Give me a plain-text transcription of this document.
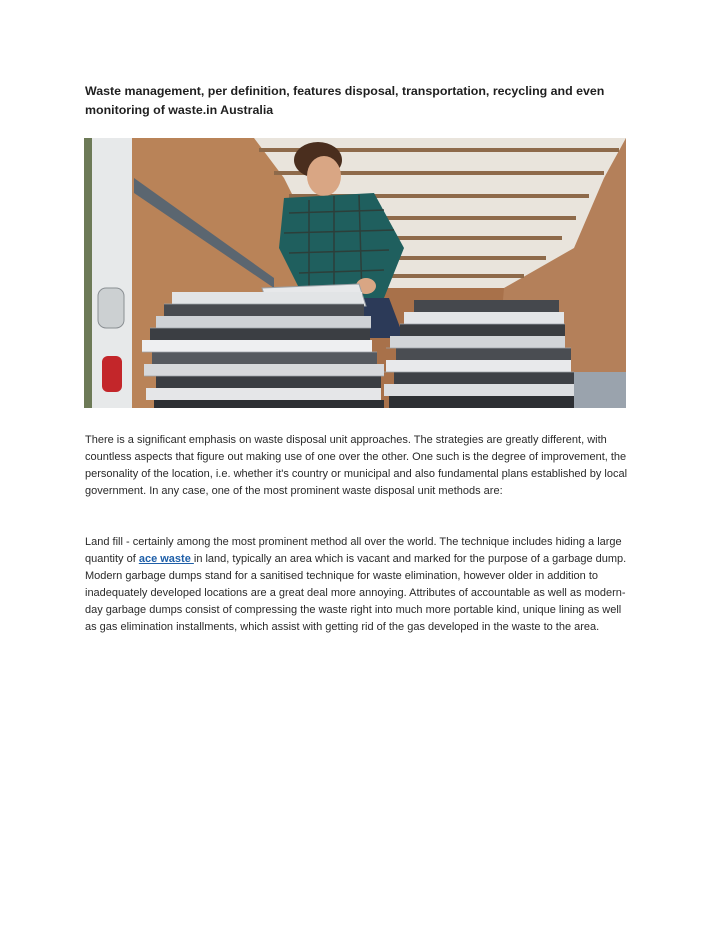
Waste management, per definition, features disposal, transportation, recycling and even monitoring of waste.in Australia

There is a significant emphasis on waste disposal unit approaches. The strategies are greatly different, with countless aspects that figure out making use of one over the other. One such is the degree of improvement, the personality of the location, i.e. whether it's country or municipal and also fundamental plans established by local government. In any case, one of the most prominent waste disposal unit methods are:

Land fill - certainly among the most prominent method all over the world. The technique includes hiding a large quantity of ace waste in land, typically an area which is vacant and marked for the purpose of a garbage dump. Modern garbage dumps stand for a sanitised technique for waste elimination, however older in addition to inadequately developed locations are a great deal more annoying. Attributes of accountable as well as modern-day garbage dumps consist of compressing the waste right into much more portable kind, unique lining as well as gas elimination installments, which assist with getting rid of the gas developed in the waste to the area.
